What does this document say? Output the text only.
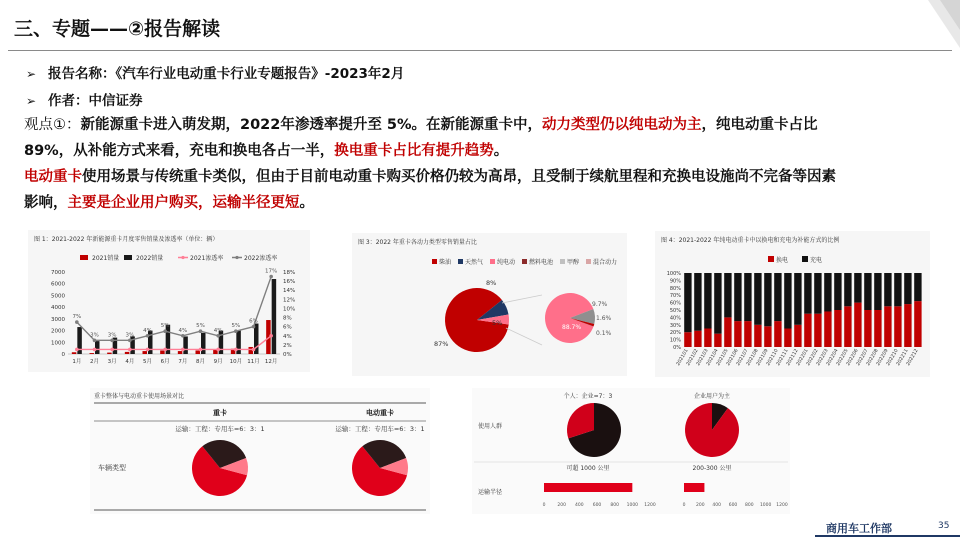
三、专题——②报告解读
➢ 报告名称：《汽车行业电动重卡行业专题报告》-2023年2月
➢ 作者：中信证券
观点①：新能源重卡进入萌发期，2022年渗透率提升至 5%。在新能源重卡中，动力类型仍以纯电动为主，纯电动重卡占比
89%，从补能方式来看，充电和换电各占一半，换电重卡占比有提升趋势。
电动重卡使用场景与传统重卡类似，但由于目前电动重卡购买价格仍较为高昂，且受制于续航里程和充换电设施尚不完备等因素
影响，主要是企业用户购买，运输半径更短。
图 1：2021-2022 年新能源重卡月度零售销量及渗透率（单位：辆）
2021销量	2022销量	2021渗透率	2022渗透率
0
1000
2000
3000
4000
5000
6000
7000
0%
2%
4%
6%
8%
10%
12%
14%
16%
18%
1月 2月 3月 4月 5月 6月 7月 8月 9月 10月 11月 12月
7%
3% 3% 3%
4%
5%
4%
5%
4%
5%
6%
17%
图 3：2022 年重卡各动力类型零售销量占比
柴油 天然气 纯电动 燃料电池 甲醇 混合动力
87%
8%
5%
88.7%
9.7%
1.6%
0.1%
图 4：2021-2022 年纯电动重卡中以换电和充电为补能方式的比例
换电	充电
0%
10%
20%
30%
40%
50%
60%
70%
80%
90%
100%
202101
202102
202103
202104
202105
202106
202107
202108
202109
202110
202111
202112
202201
202202
202203
202204
202205
202206
202207
202208
202209
202210
202211
202212
重卡整体与电动重卡使用场景对比
重卡	电动重卡
运输：工程：专用车=6：3：1	运输：工程：专用车=6：3：1
车辆类型
使用人群
运输半径
个人：企业=7：3	企业用户为主
可超 1000 公里	200-300 公里
0	200 400 600 800 1000 1200	0 200 400 600 800 1000 1200
商用车工作部	35
